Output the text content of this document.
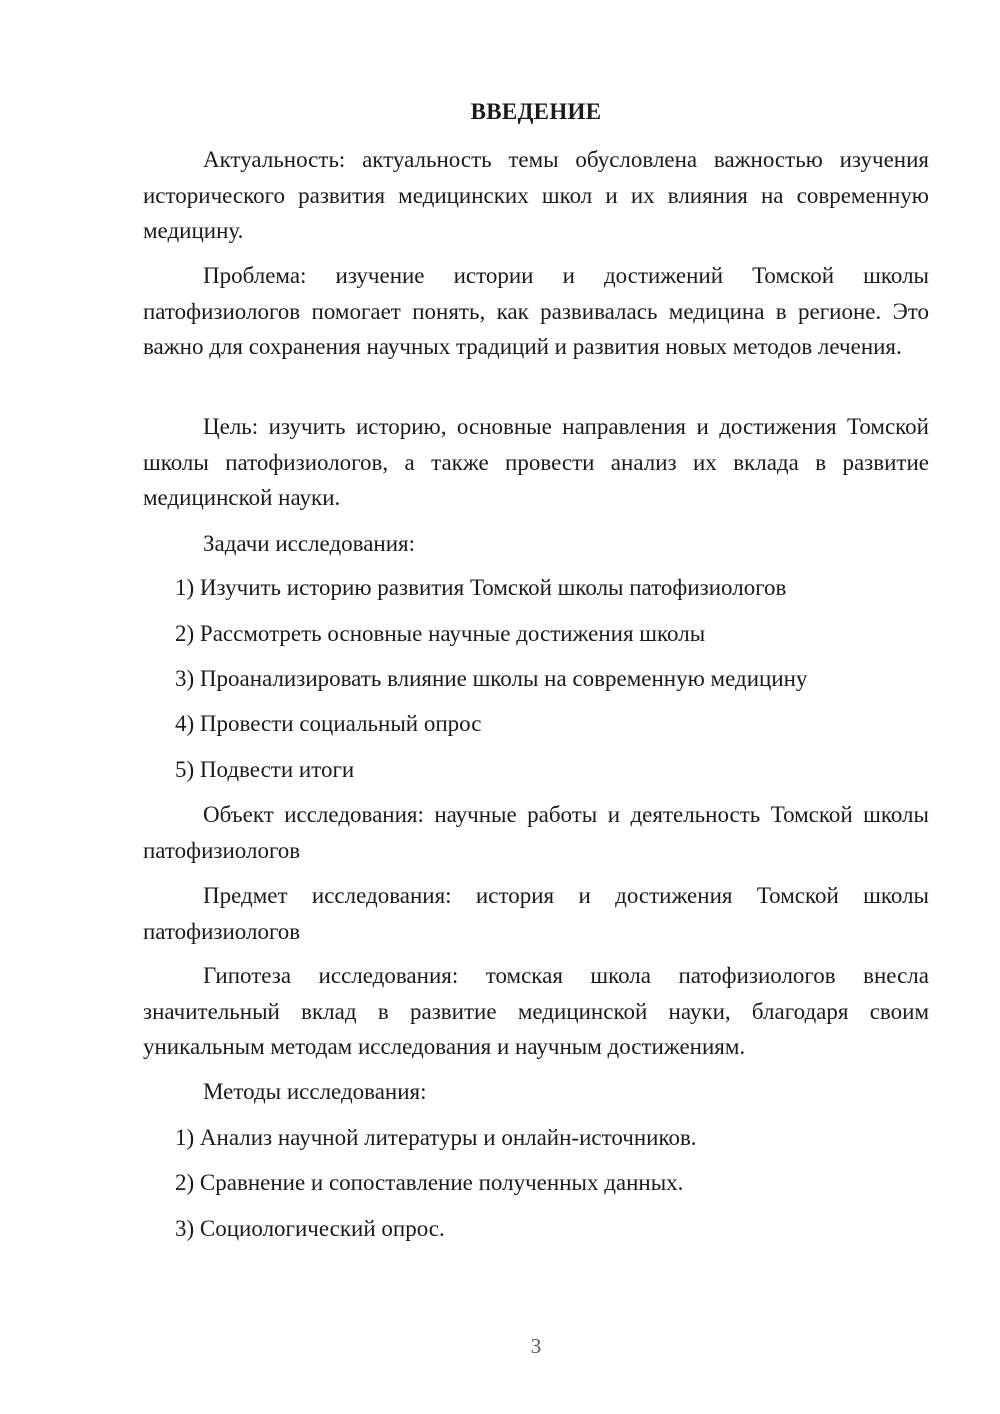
ВВЕДЕНИЕ

Актуальность: актуальность темы обусловлена важностью изучения исторического развития медицинских школ и их влияния на современную медицину.

Проблема: изучение истории и достижений Томской школы патофизиологов помогает понять, как развивалась медицина в регионе. Это важно для сохранения научных традиций и развития новых методов лечения.

Цель: изучить историю, основные направления и достижения Томской школы патофизиологов, а также провести анализ их вклада в развитие медицинской науки.

Задачи исследования:

1) Изучить историю развития Томской школы патофизиологов

2) Рассмотреть основные научные достижения школы

3) Проанализировать влияние школы на современную медицину

4) Провести социальный опрос

5) Подвести итоги

Объект исследования: научные работы и деятельность Томской школы патофизиологов

Предмет исследования: история и достижения Томской школы патофизиологов

Гипотеза исследования: томская школа патофизиологов внесла значительный вклад в развитие медицинской науки, благодаря своим уникальным методам исследования и научным достижениям.

Методы исследования:

1) Анализ научной литературы и онлайн-источников.

2) Сравнение и сопоставление полученных данных.

3) Социологический опрос.

3
